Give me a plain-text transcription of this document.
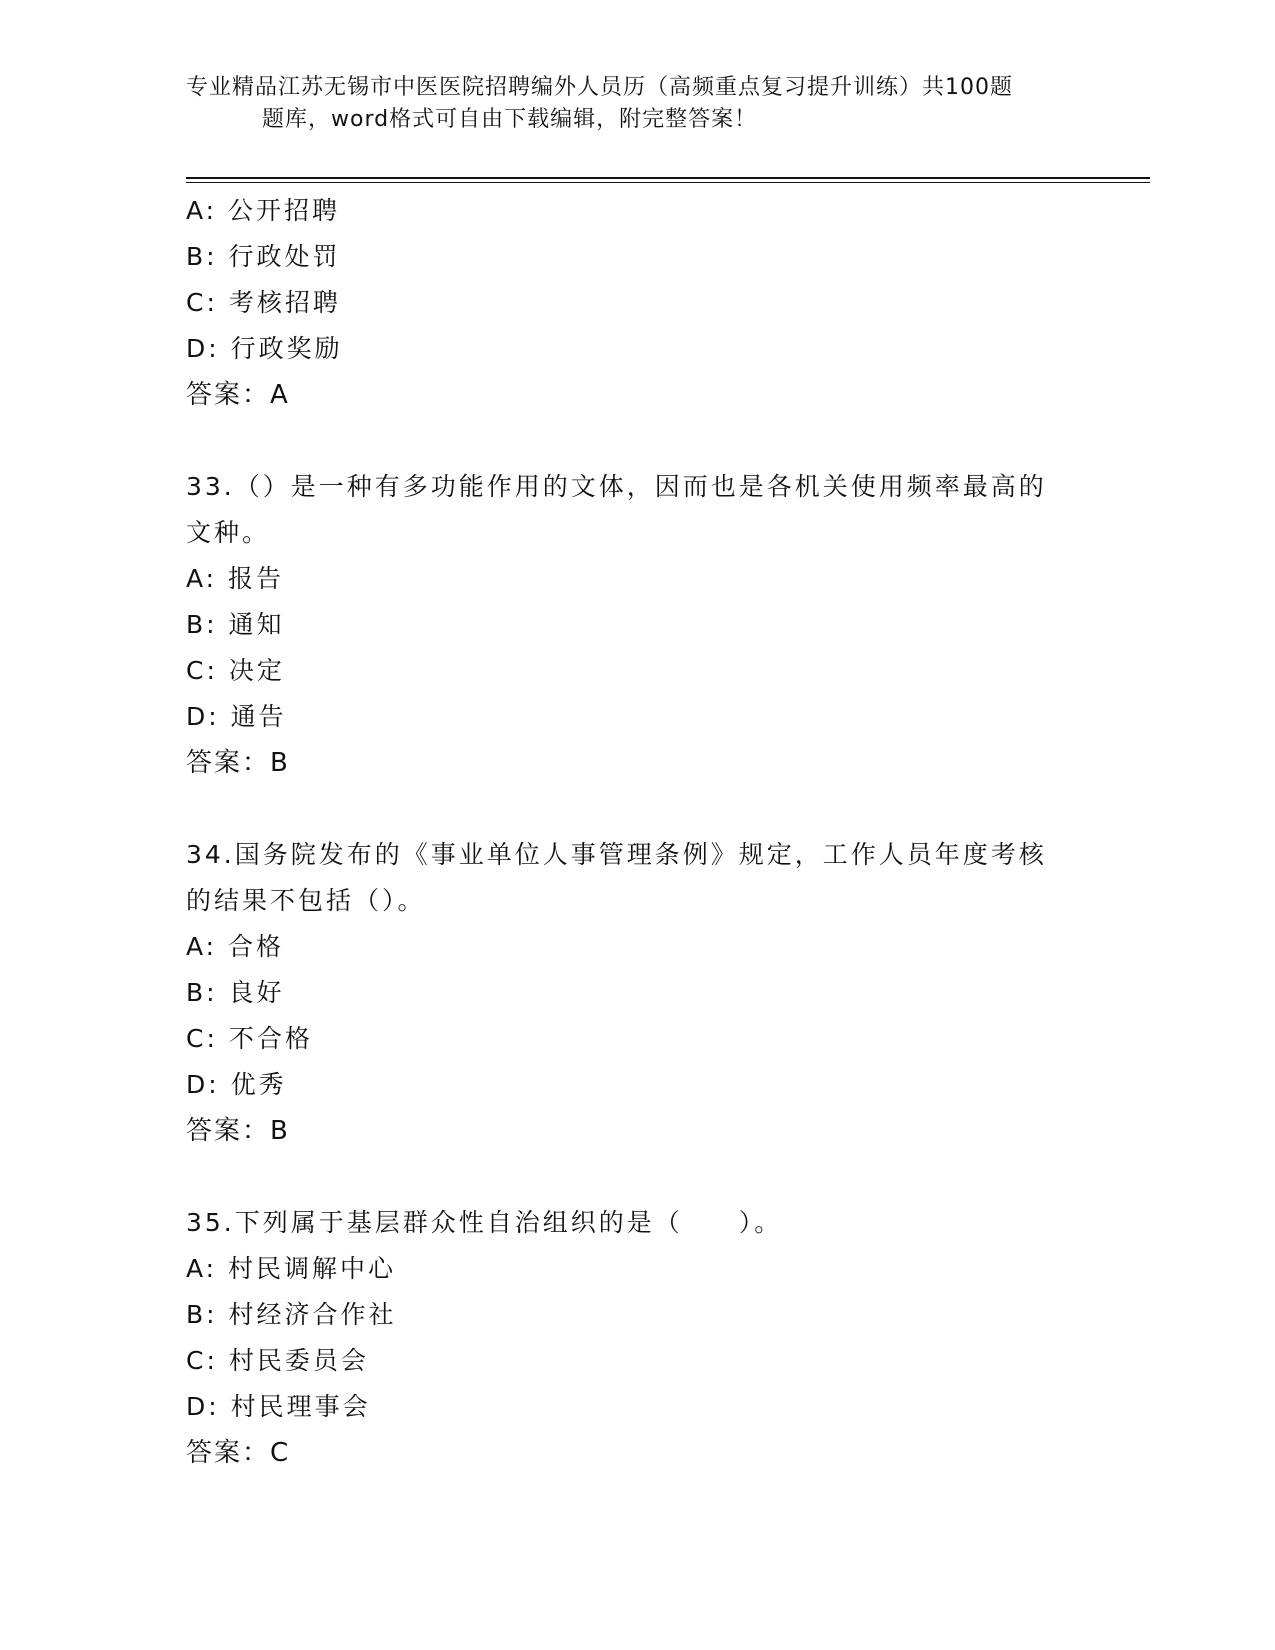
专业精品江苏无锡市中医医院招聘编外人员历（高频重点复习提升训练）共100题
题库，word格式可自由下载编辑，附完整答案！
A: 公开招聘
B: 行政处罚
C: 考核招聘
D: 行政奖励
答案：A
33.（）是一种有多功能作用的文体，因而也是各机关使用频率最高的
文种。
A: 报告
B: 通知
C: 决定
D: 通告
答案：B
34.国务院发布的《事业单位人事管理条例》规定，工作人员年度考核
的结果不包括（）。
A: 合格
B: 良好
C: 不合格
D: 优秀
答案：B
35.下列属于基层群众性自治组织的是（　　）。
A: 村民调解中心
B: 村经济合作社
C: 村民委员会
D: 村民理事会
答案：C
